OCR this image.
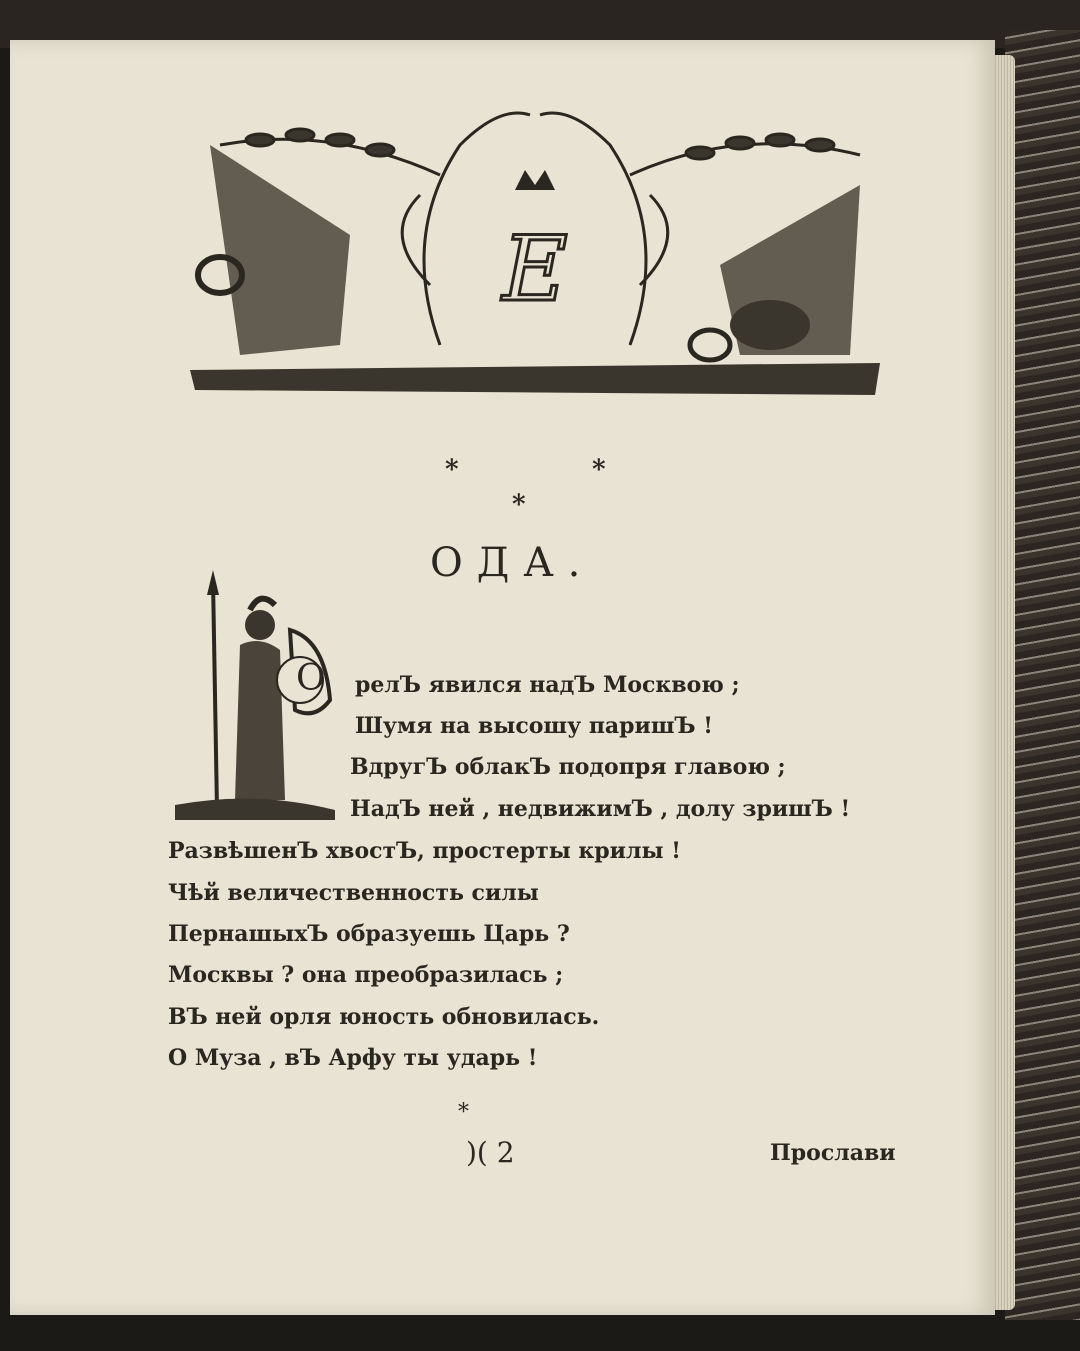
E
*	*
*
ОДА.
O релЪ явился надЪ Москвою ;
Шумя на высошу паришЪ !
ВдругЪ облакЪ подопря главою ;
НадЪ ней , недвижимЪ , долу зришЪ !
РазвѣшенЪ хвостЪ, простерты крилы !
Чѣй величественность силы
ПернашыхЪ образуешь Царь ?
Москвы ? она преобразилась ;
ВЪ ней орля юность обновилась.
О Муза , вЪ Арфу ты ударь !
*
)( 2	Прослави
